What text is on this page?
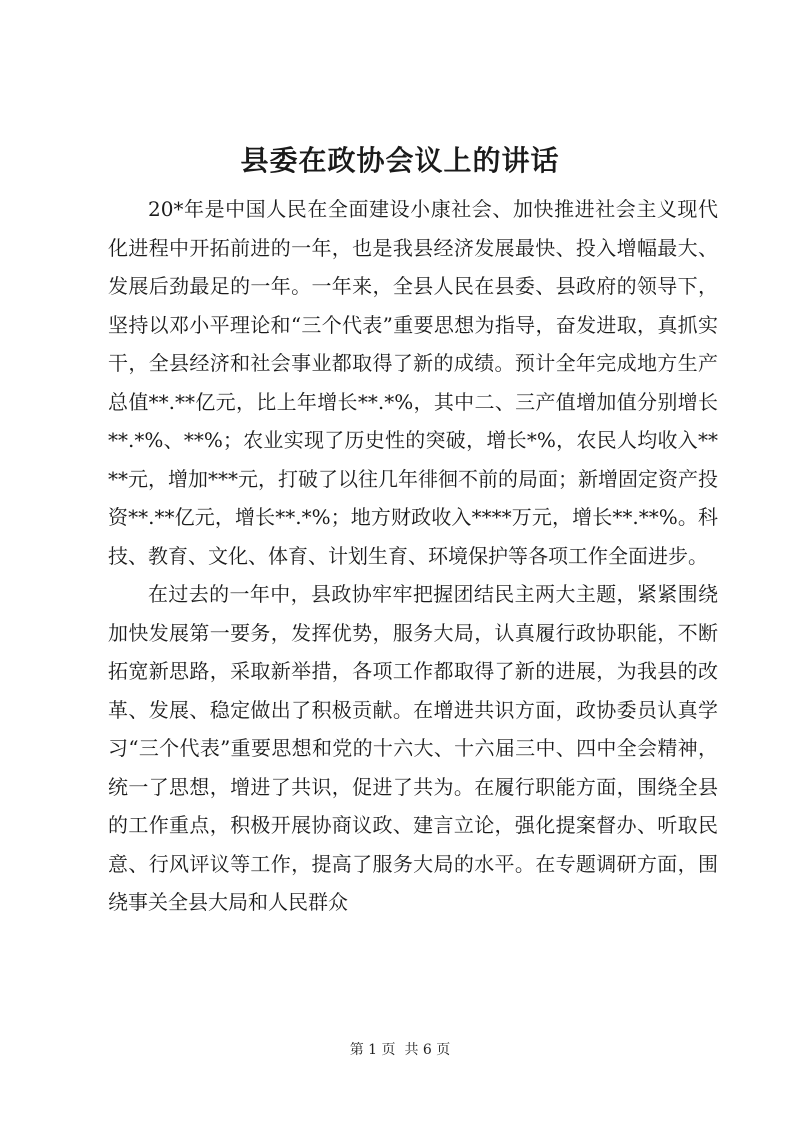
县委在政协会议上的讲话

20*年是中国人民在全面建设小康社会、加快推进社会主义现代化进程中开拓前进的一年，也是我县经济发展最快、投入增幅最大、发展后劲最足的一年。一年来，全县人民在县委、县政府的领导下，坚持以邓小平理论和“三个代表”重要思想为指导，奋发进取，真抓实干，全县经济和社会事业都取得了新的成绩。预计全年完成地方生产总值**.**亿元，比上年增长**.*%，其中二、三产值增加值分别增长**.*%、**%；农业实现了历史性的突破，增长*%，农民人均收入****元，增加***元，打破了以往几年徘徊不前的局面；新增固定资产投资**.**亿元，增长**.*%；地方财政收入****万元，增长**.**%。科技、教育、文化、体育、计划生育、环境保护等各项工作全面进步。

在过去的一年中，县政协牢牢把握团结民主两大主题，紧紧围绕加快发展第一要务，发挥优势，服务大局，认真履行政协职能，不断拓宽新思路，采取新举措，各项工作都取得了新的进展，为我县的改革、发展、稳定做出了积极贡献。在增进共识方面，政协委员认真学习“三个代表”重要思想和党的十六大、十六届三中、四中全会精神，统一了思想，增进了共识，促进了共为。在履行职能方面，围绕全县的工作重点，积极开展协商议政、建言立论，强化提案督办、听取民意、行风评议等工作，提高了服务大局的水平。在专题调研方面，围绕事关全县大局和人民群众

第 1 页  共 6 页
